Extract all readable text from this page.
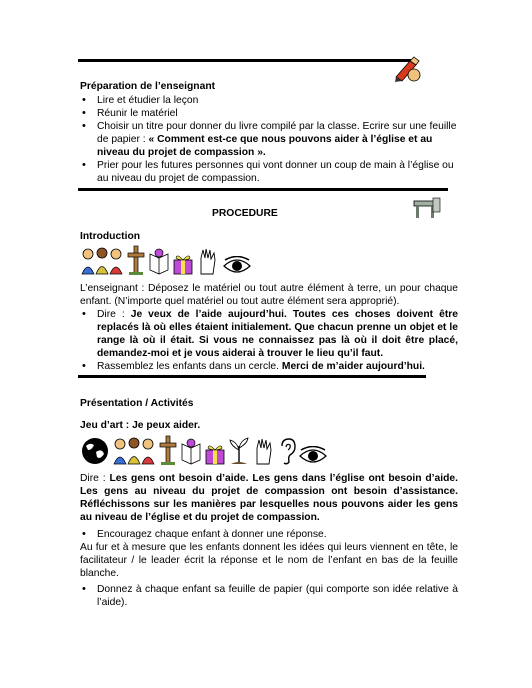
Préparation de l’enseignant
• Lire et étudier la leçon
• Réunir le matériel
• Choisir un titre pour donner du livre compilé par la classe. Ecrire sur une feuille de papier : « Comment est-ce que nous pouvons aider à l’église et au niveau du projet de compassion ».
• Prier pour les futures personnes qui vont donner un coup de main à l’église ou au niveau du projet de compassion.
PROCEDURE
Introduction
L’enseignant : Déposez le matériel ou tout autre élément à terre, un pour chaque enfant. (N’importe quel matériel ou tout autre élément sera approprié).
• Dire : Je veux de l’aide aujourd’hui. Toutes ces choses doivent être replacés là où elles étaient initialement. Que chacun prenne un objet et le range là où il était. Si vous ne connaissez pas là où il doit être placé, demandez-moi et je vous aiderai à trouver le lieu qu’il faut.
• Rassemblez les enfants dans un cercle. Merci de m’aider aujourd’hui.
Présentation / Activités
Jeu d’art : Je peux aider.
Dire : Les gens ont besoin d’aide. Les gens dans l’église ont besoin d’aide. Les gens au niveau du projet de compassion ont besoin d’assistance. Réfléchissons sur les manières par lesquelles nous pouvons aider les gens au niveau de l’église et du projet de compassion.
• Encouragez chaque enfant à donner une réponse.
Au fur et à mesure que les enfants donnent les idées qui leurs viennent en tête, le facilitateur / le leader écrit la réponse et le nom de l’enfant en bas de la feuille blanche.
• Donnez à chaque enfant sa feuille de papier (qui comporte son idée relative à l’aide).
